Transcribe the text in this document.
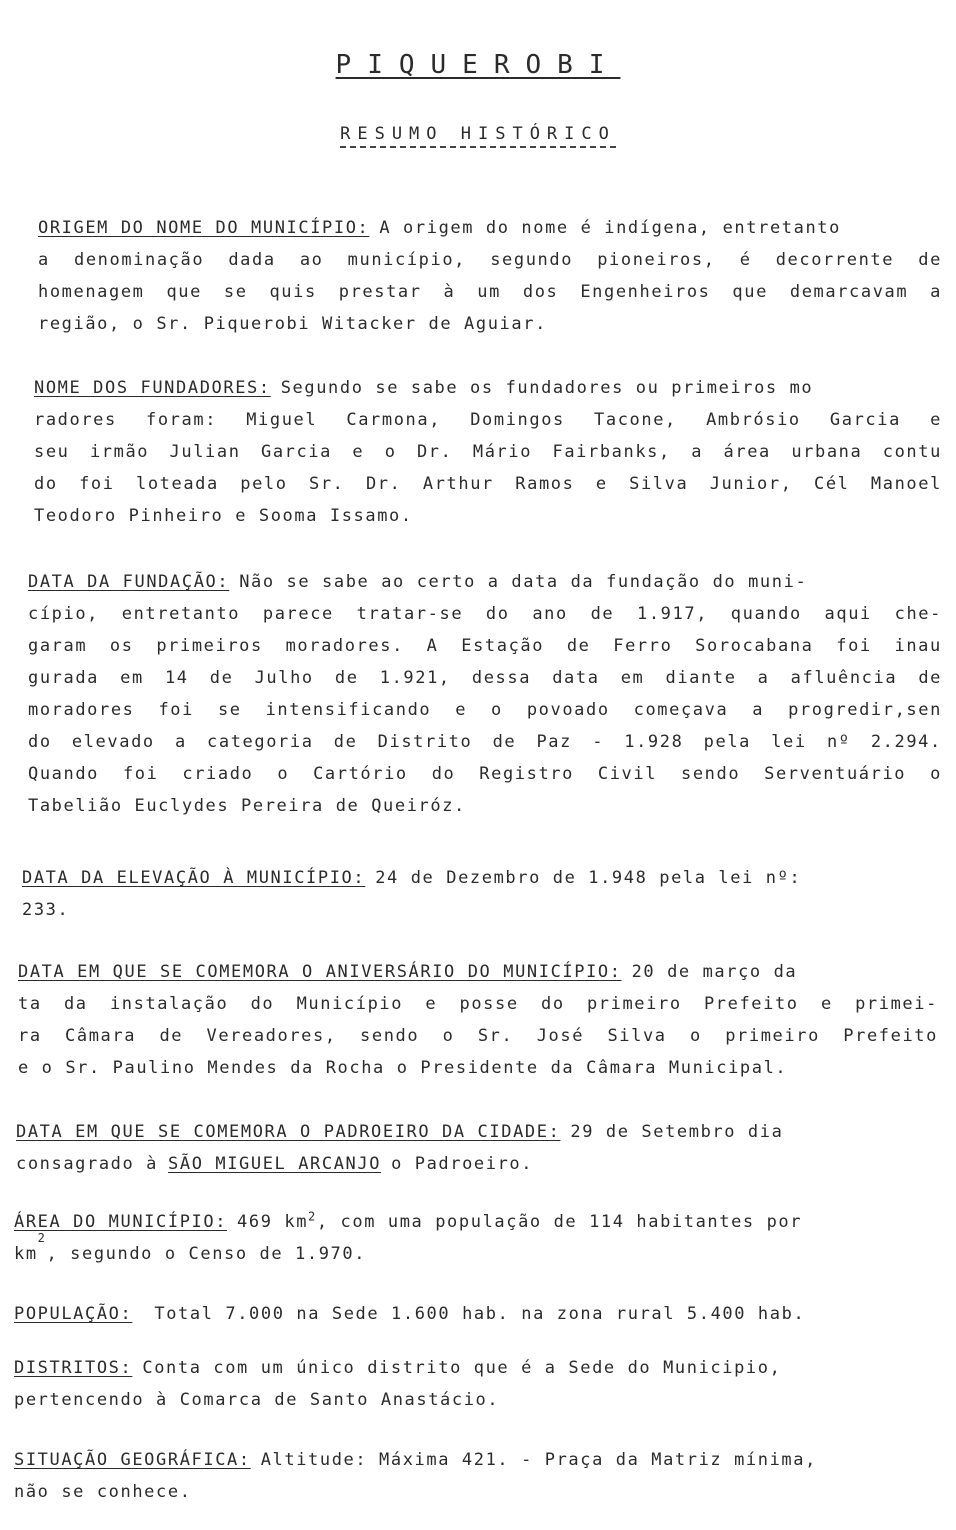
PIQUEROBI
RESUMO HISTÓRICO
ORIGEM DO NOME DO MUNICÍPIO: A origem do nome é indígena, entretanto
a denominação dada ao município, segundo pioneiros, é decorrente de
homenagem que se quis prestar à um dos Engenheiros que demarcavam a
região, o Sr. Piquerobi Witacker de Aguiar.
NOME DOS FUNDADORES: Segundo se sabe os fundadores ou primeiros mo
radores foram: Miguel Carmona, Domingos Tacone, Ambrósio Garcia e
seu irmão Julian Garcia e o Dr. Mário Fairbanks, a área urbana contu
do foi loteada pelo Sr. Dr. Arthur Ramos e Silva Junior, Cél Manoel
Teodoro Pinheiro e Sooma Issamo.
DATA DA FUNDAÇÃO: Não se sabe ao certo a data da fundação do muni-
cípio, entretanto parece tratar-se do ano de 1.917, quando aqui che-
garam os primeiros moradores. A Estação de Ferro Sorocabana foi inau
gurada em 14 de Julho de 1.921, dessa data em diante a afluência de
moradores foi se intensificando e o povoado começava a progredir,sen
do elevado a categoria de Distrito de Paz - 1.928 pela lei nº 2.294.
Quando foi criado o Cartório do Registro Civil sendo Serventuário o
Tabelião Euclydes Pereira de Queiróz.
DATA DA ELEVAÇÃO À MUNICÍPIO: 24 de Dezembro de 1.948 pela lei nº:
233.
DATA EM QUE SE COMEMORA O ANIVERSÁRIO DO MUNICÍPIO: 20 de março da
ta da instalação do Município e posse do primeiro Prefeito e primei-
ra Câmara de Vereadores, sendo o Sr. José Silva o primeiro Prefeito
e o Sr. Paulino Mendes da Rocha o Presidente da Câmara Municipal.
DATA EM QUE SE COMEMORA O PADROEIRO DA CIDADE: 29 de Setembro dia
consagrado à SÃO MIGUEL ARCANJO o Padroeiro.
ÁREA DO MUNICÍPIO: 469 $km^2$, com uma população de 114 habitantes por
km
2
, segundo o Censo de 1.970.
POPULAÇÃO: Total 7.000 na Sede 1.600 hab. na zona rural 5.400 hab.
DISTRITOS: Conta com um único distrito que é a Sede do Municipio,
pertencendo à Comarca de Santo Anastácio.
SITUAÇÃO GEOGRÁFICA: Altitude: Máxima 421. - Praça da Matriz mínima,
não se conhece.
